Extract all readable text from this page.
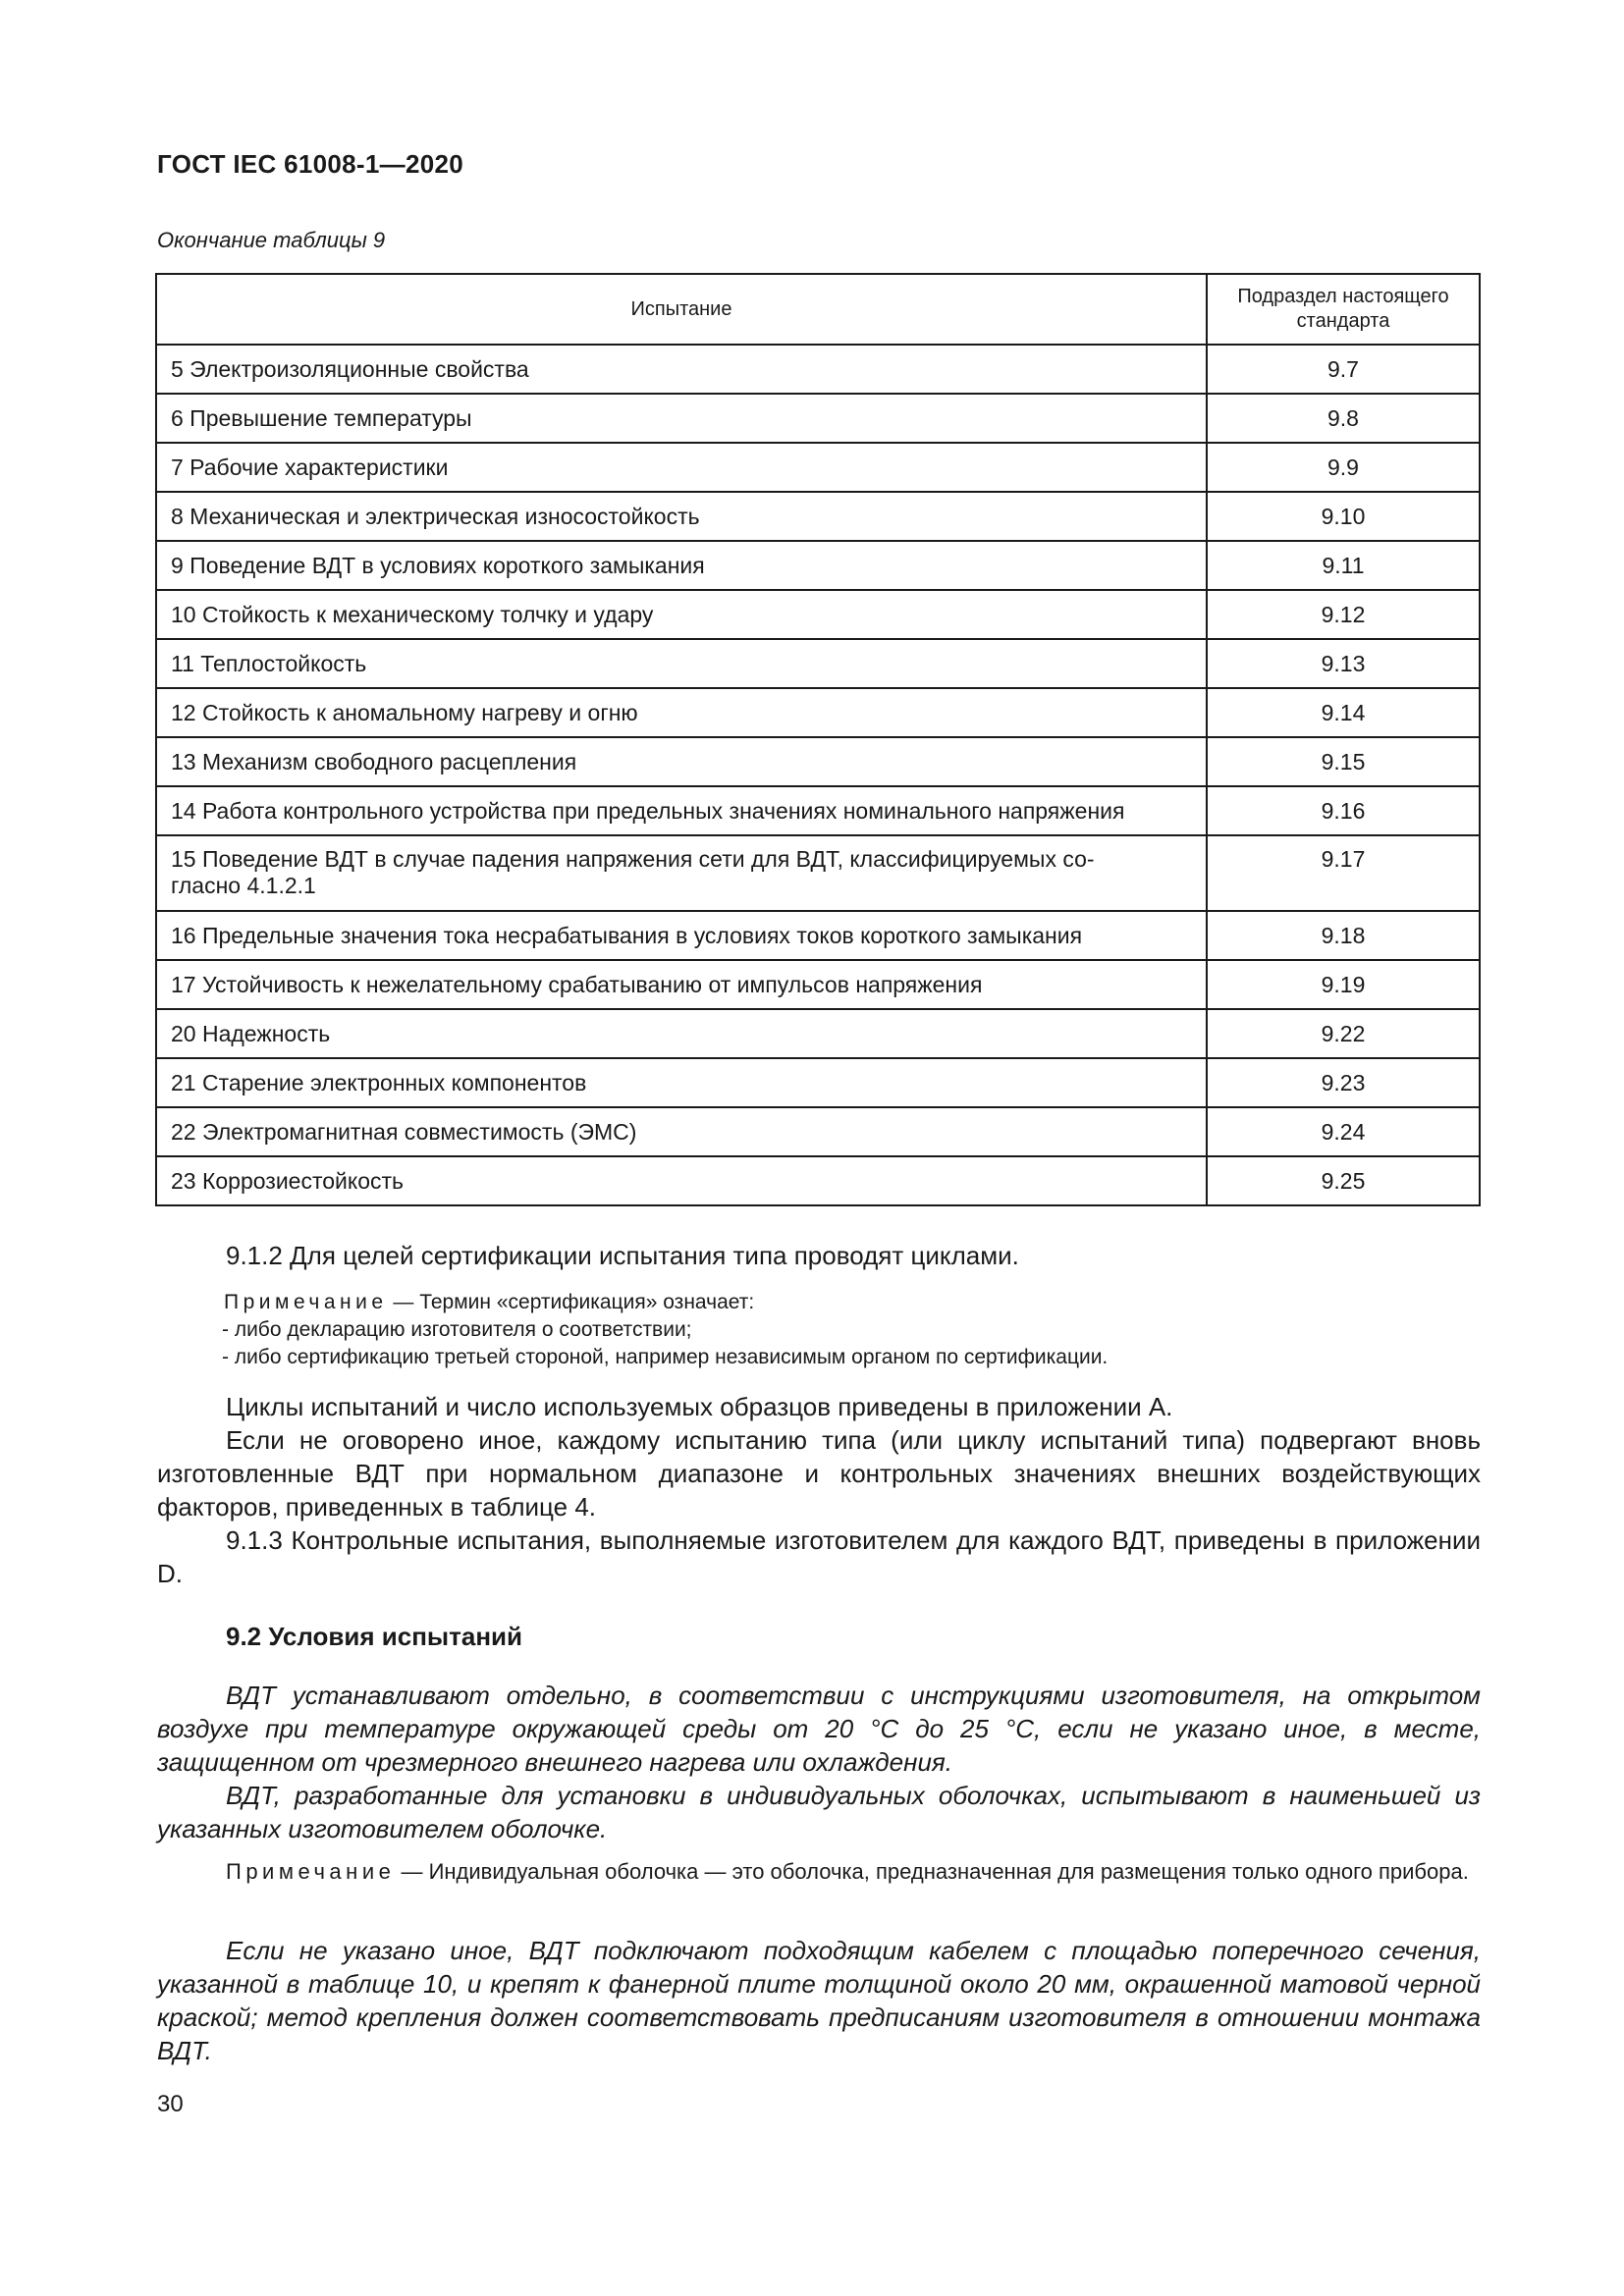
ГОСТ IEC 61008-1—2020
Окончание таблицы 9
Испытание	Подраздел настоящего
стандарта
5 Электроизоляционные свойства	9.7
6 Превышение температуры	9.8
7 Рабочие характеристики	9.9
8 Механическая и электрическая износостойкость	9.10
9 Поведение ВДТ в условиях короткого замыкания	9.11
10 Стойкость к механическому толчку и удару	9.12
11 Теплостойкость	9.13
12 Стойкость к аномальному нагреву и огню	9.14
13 Механизм свободного расцепления	9.15
14 Работа контрольного устройства при предельных значениях номинального напряжения	9.16
15 Поведение ВДТ в случае падения напряжения сети для ВДТ, классифицируемых со-
гласно 4.1.2.1	9.17
16 Предельные значения тока несрабатывания в условиях токов короткого замыкания	9.18
17 Устойчивость к нежелательному срабатыванию от импульсов напряжения	9.19
20 Надежность	9.22
21 Старение электронных компонентов	9.23
22 Электромагнитная совместимость (ЭМС)	9.24
23 Коррозиестойкость	9.25

9.1.2 Для целей сертификации испытания типа проводят циклами.

Примечание — Термин «сертификация» означает:
- либо декларацию изготовителя о соответствии;
- либо сертификацию третьей стороной, например независимым органом по сертификации.

Циклы испытаний и число используемых образцов приведены в приложении А.

Если не оговорено иное, каждому испытанию типа (или циклу испытаний типа) подвергают вновь изготовленные ВДТ при нормальном диапазоне и контрольных значениях внешних воздействующих факторов, приведенных в таблице 4.

9.1.3 Контрольные испытания, выполняемые изготовителем для каждого ВДТ, приведены в приложении D.

9.2 Условия испытаний

ВДТ устанавливают отдельно, в соответствии с инструкциями изготовителя, на открытом воздухе при температуре окружающей среды от 20 °С до 25 °С, если не указано иное, в месте, защищенном от чрезмерного внешнего нагрева или охлаждения.

ВДТ, разработанные для установки в индивидуальных оболочках, испытывают в наименьшей из указанных изготовителем оболочке.

Примечание — Индивидуальная оболочка — это оболочка, предназначенная для размещения только одного прибора.

Если не указано иное, ВДТ подключают подходящим кабелем с площадью поперечного сечения, указанной в таблице 10, и крепят к фанерной плите толщиной около 20 мм, окрашенной матовой черной краской; метод крепления должен соответствовать предписаниям изготовителя в отношении монтажа ВДТ.

30
